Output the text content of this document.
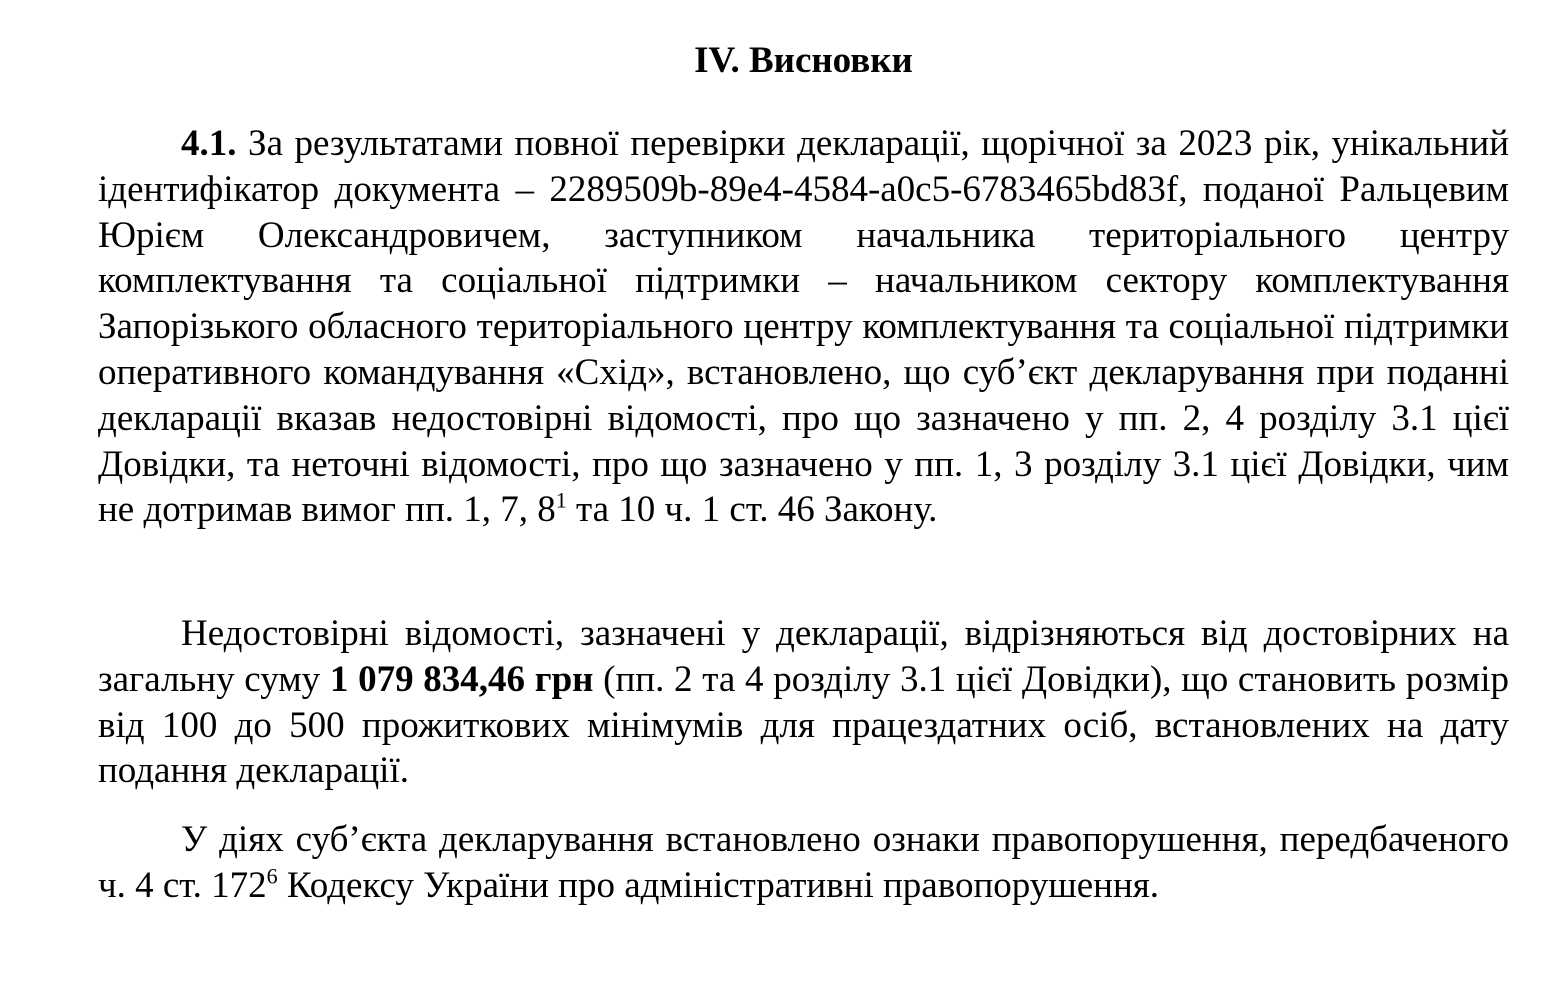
IV. Висновки

4.1. За результатами повної перевірки декларації, щорічної за 2023 рік, унікальний ідентифікатор документа – 2289509b-89e4-4584-a0c5-6783465bd83f, поданої Ральцевим Юрієм Олександровичем, заступником начальника територіального центру комплектування та соціальної підтримки – начальником сектору комплектування Запорізького обласного територіального центру комплектування та соціальної підтримки оперативного командування «Схід», встановлено, що суб’єкт декларування при поданні декларації вказав недостовірні відомості, про що зазначено у пп. 2, 4 розділу 3.1 цієї Довідки, та неточні відомості, про що зазначено у пп. 1, 3 розділу 3.1 цієї Довідки, чим не дотримав вимог пп. 1, 7, $8^1$ та 10 ч. 1 ст. 46 Закону.

Недостовірні відомості, зазначені у декларації, відрізняються від достовірних на загальну суму 1 079 834,46 грн (пп. 2 та 4 розділу 3.1 цієї Довідки), що становить розмір від 100 до 500 прожиткових мінімумів для працездатних осіб, встановлених на дату подання декларації.

У діях суб’єкта декларування встановлено ознаки правопорушення, передбаченого ч. 4 ст. $172^6$ Кодексу України про адміністративні правопорушення.
